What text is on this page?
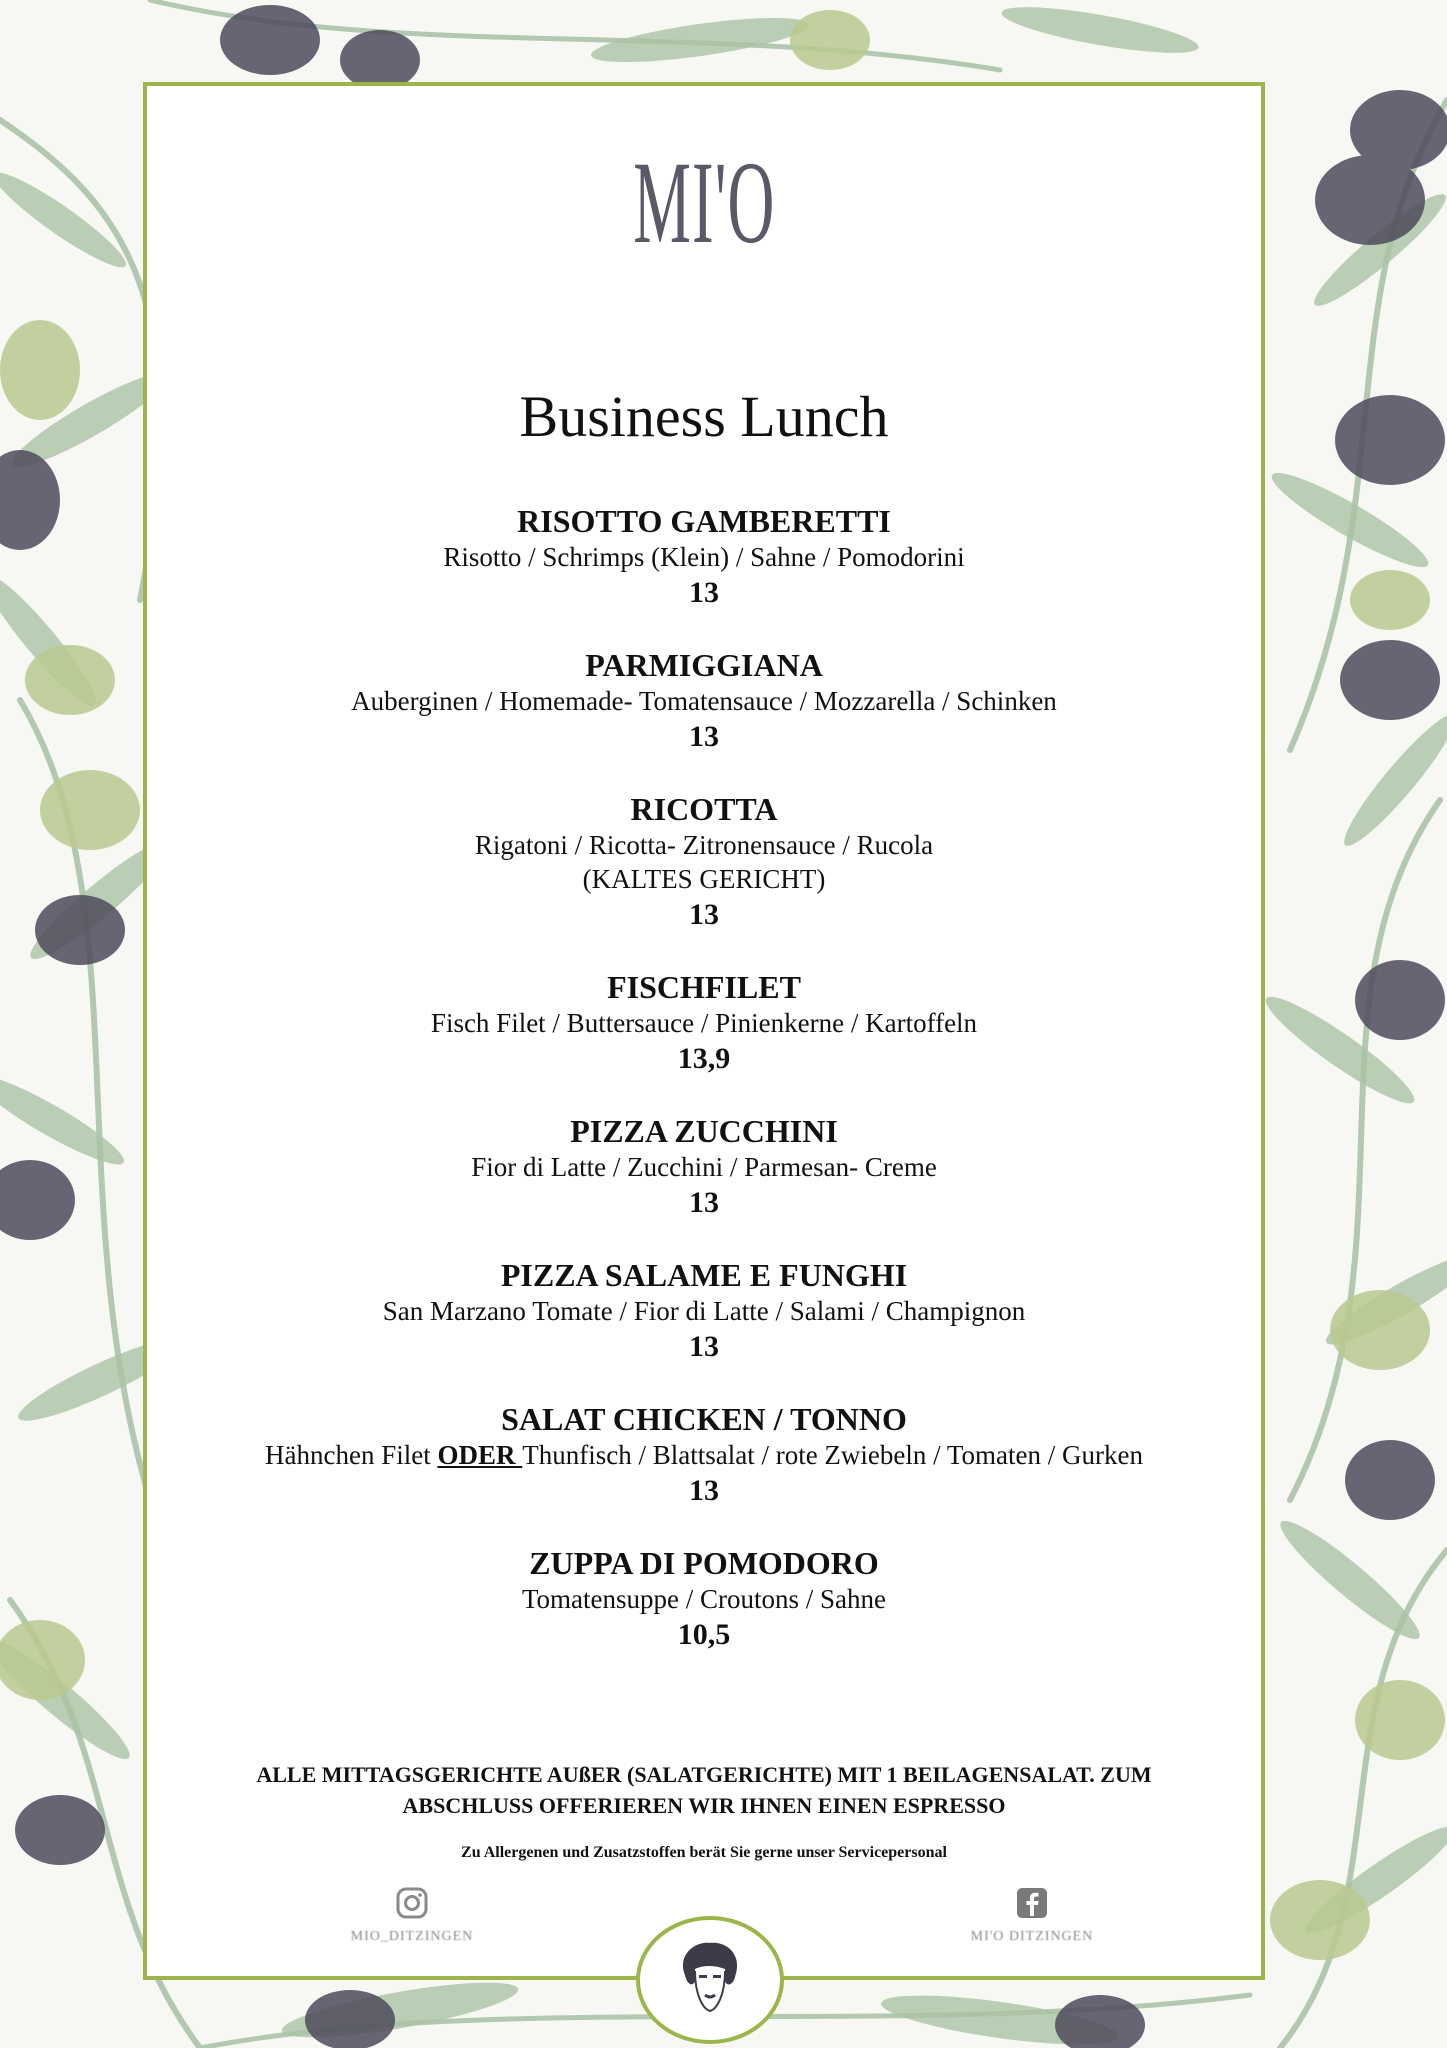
MI'O
Business Lunch
RISOTTO GAMBERETTI
Risotto / Schrimps (Klein) / Sahne / Pomodorini
13
PARMIGGIANA
Auberginen / Homemade- Tomatensauce / Mozzarella / Schinken
13
RICOTTA
Rigatoni / Ricotta- Zitronensauce / Rucola
(KALTES GERICHT)
13
FISCHFILET
Fisch Filet / Buttersauce / Pinienkerne / Kartoffeln
13,9
PIZZA ZUCCHINI
Fior di Latte / Zucchini / Parmesan- Creme
13
PIZZA SALAME E FUNGHI
San Marzano Tomate / Fior di Latte / Salami / Champignon
13
SALAT CHICKEN / TONNO
Hähnchen Filet ODER Thunfisch / Blattsalat / rote Zwiebeln / Tomaten / Gurken
13
ZUPPA DI POMODORO
Tomatensuppe / Croutons / Sahne
10,5
ALLE MITTAGSGERICHTE AUßER (SALATGERICHTE) MIT 1 BEILAGENSALAT. ZUM
ABSCHLUSS OFFERIEREN WIR IHNEN EINEN ESPRESSO
Zu Allergenen und Zusatzstoffen berät Sie gerne unser Servicepersonal
MIO_DITZINGEN	MI'O DITZINGEN
